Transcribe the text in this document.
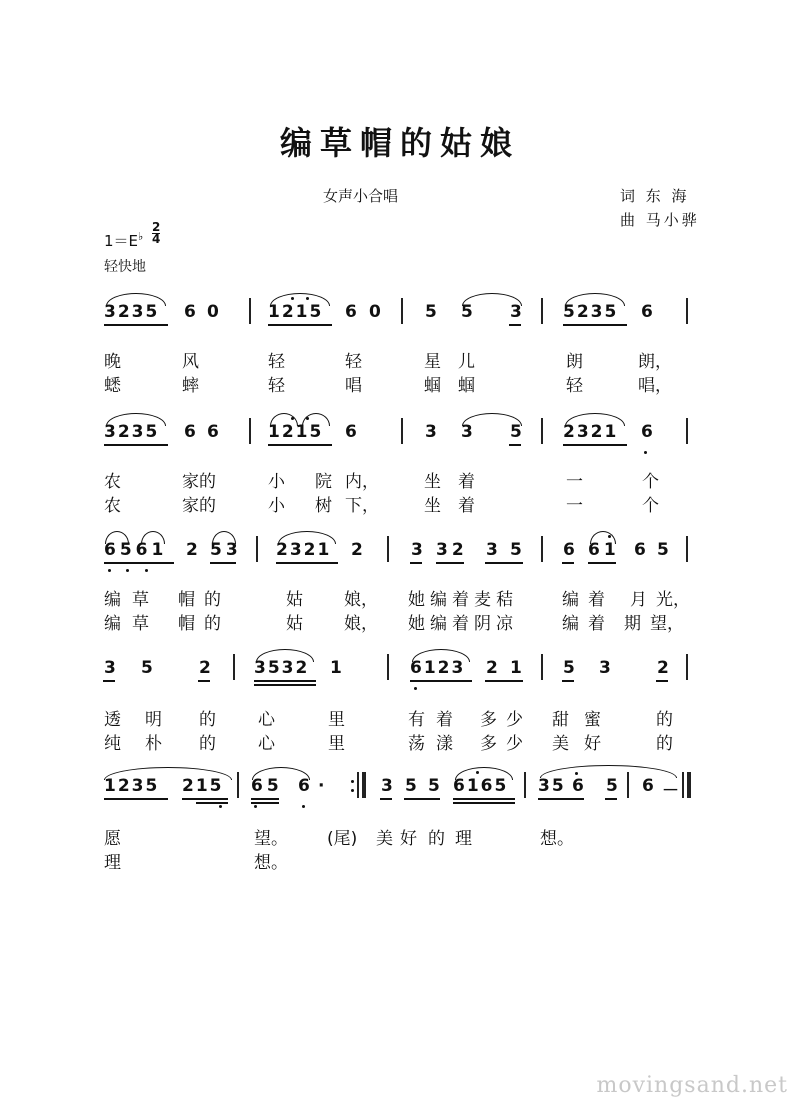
编草帽的姑娘
女声小合唱	词 东 海
曲 马小骅
$1=E^♭ \frac{2}{4}$
轻快地
3235 6 0	1215 6 0	5 5 3 5235 6
晚	风	轻	轻	星 儿	朗	朗，
蟋	蟀	轻	唱	蝈 蝈	轻	唱，
3235 6 6	1215 6	3 3 5 2321 6
农	家的	小 院 内，	坐 着	一	个
农	家的	小 树 下，	坐 着	一	个
6561 2 53 2321 2	3 32 3 5 6 61 6 5
编 草 帽 的	姑 娘， 她 编 着 麦 秸	编 着 月 光，
编 草 帽 的	姑 娘， 她 编 着 阴 凉	编 着 期 望，
3 5	2	3532 1	6123 2 1 5 3	2
透 明 的 心	里	有 着 多 少 甜 蜜	的
纯 朴 的 心	里	荡 漾 多 少 美 好	的
1235 215 65 6 ·	3 5 5 6165 35 6 5 6 －
愿	望。 (尾) 美 好 的 理	想。
理	想。
movingsand.net
